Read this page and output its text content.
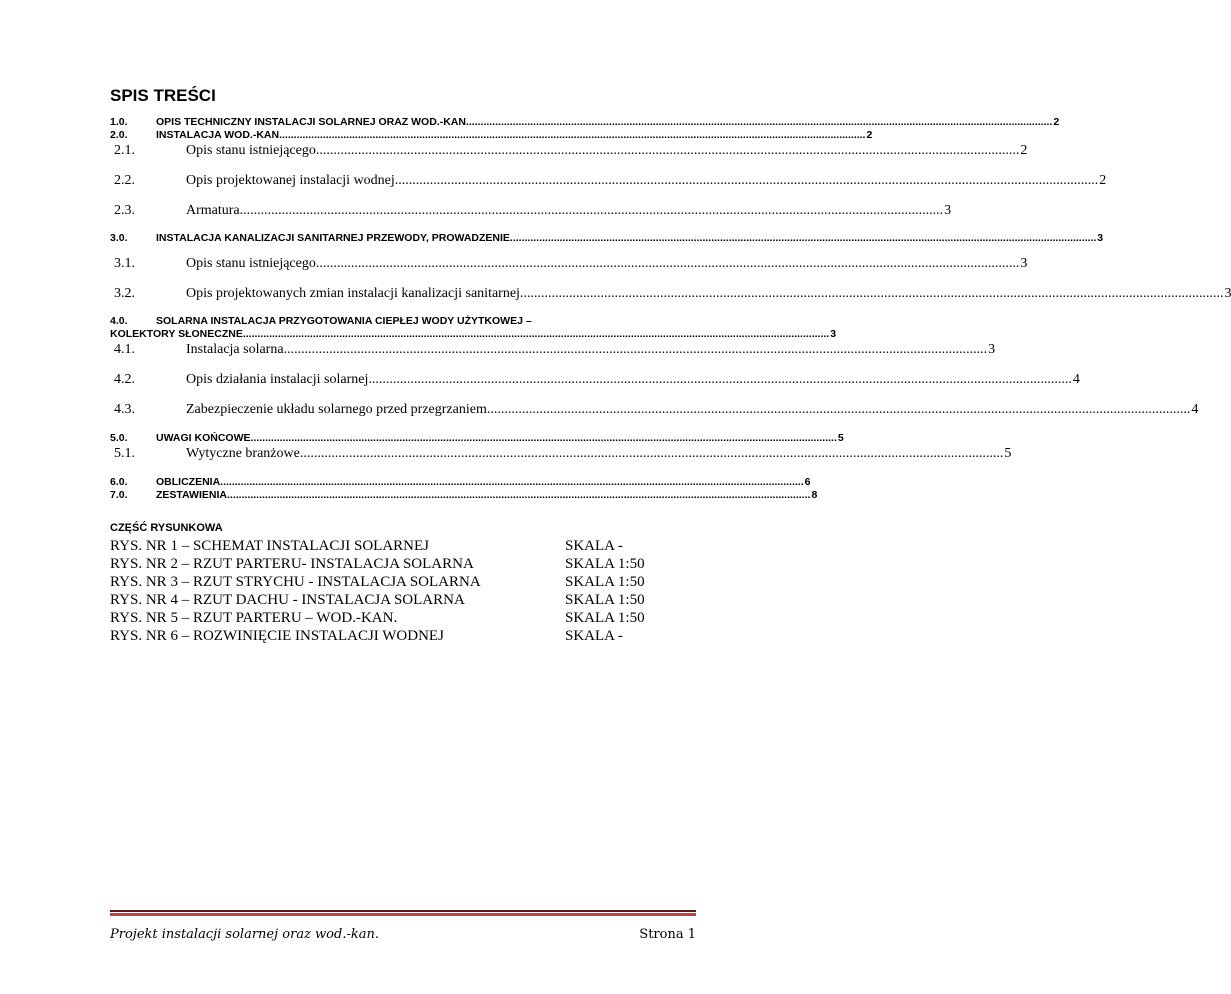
SPIS TREŚCI
1.0.	OPIS TECHNICZNY INSTALACJI SOLARNEJ ORAZ WOD.-KAN. ........................................................................................................................................................................................................ 2
2.0.	INSTALACJA WOD.-KAN. ........................................................................................................................................................................................................ 2
2.1.	Opis stanu istniejącego. ........................................................................................................................................................................................................ 2
2.2.	Opis projektowanej instalacji wodnej. ........................................................................................................................................................................................................ 2
2.3.	Armatura. ........................................................................................................................................................................................................ 3
3.0.	INSTALACJA KANALIZACJI SANITARNEJ PRZEWODY, PROWADZENIE. ........................................................................................................................................................................................................ 3
3.1.	Opis stanu istniejącego. ........................................................................................................................................................................................................ 3
3.2.	Opis projektowanych zmian instalacji kanalizacji sanitarnej. ........................................................................................................................................................................................................ 3
4.0.	SOLARNA INSTALACJA PRZYGOTOWANIA CIEPŁEJ WODY UŻYTKOWEJ –
KOLEKTORY SŁONECZNE. ........................................................................................................................................................................................................ 3
4.1.	Instalacja solarna. ........................................................................................................................................................................................................ 3
4.2.	Opis działania instalacji solarnej. ........................................................................................................................................................................................................ 4
4.3.	Zabezpieczenie układu solarnego przed przegrzaniem. ........................................................................................................................................................................................................ 4
5.0.	UWAGI KOŃCOWE. ........................................................................................................................................................................................................ 5
5.1.	Wytyczne branżowe. ........................................................................................................................................................................................................ 5
6.0.	OBLICZENIA ........................................................................................................................................................................................................ 6
7.0.	ZESTAWIENIA ........................................................................................................................................................................................................ 8
CZĘŚĆ RYSUNKOWA
RYS. NR 1 – SCHEMAT INSTALACJI SOLARNEJ	SKALA -
RYS. NR 2 – RZUT PARTERU- INSTALACJA SOLARNA	SKALA 1:50
RYS. NR 3 – RZUT STRYCHU - INSTALACJA SOLARNA	SKALA 1:50
RYS. NR 4 – RZUT DACHU - INSTALACJA SOLARNA	SKALA 1:50
RYS. NR 5 – RZUT PARTERU – WOD.-KAN.	SKALA 1:50
RYS. NR 6 – ROZWINIĘCIE INSTALACJI WODNEJ	SKALA -
Projekt instalacji solarnej oraz wod.-kan.	Strona 1
